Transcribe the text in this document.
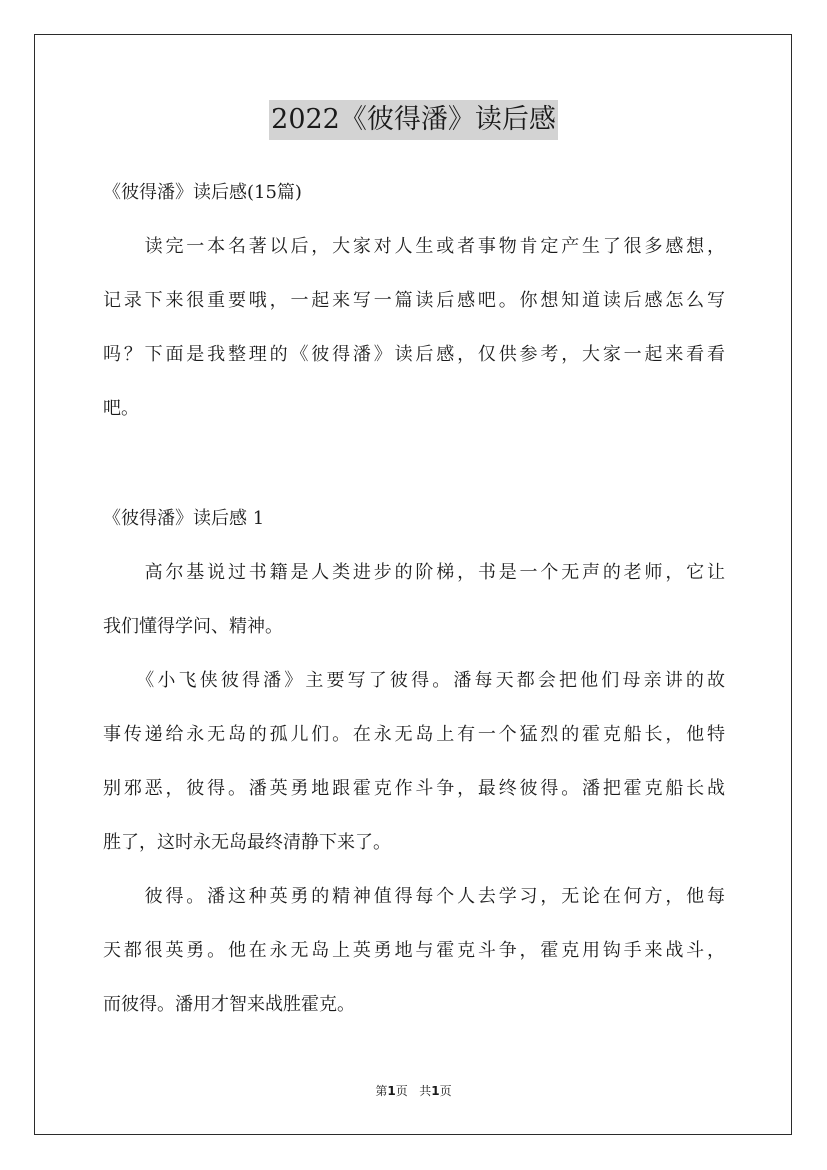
2022《彼得潘》读后感
《彼得潘》读后感(15篇)
　　读完一本名著以后，大家对人生或者事物肯定产生了很多感想，
记录下来很重要哦，一起来写一篇读后感吧。你想知道读后感怎么写
吗？下面是我整理的《彼得潘》读后感，仅供参考，大家一起来看看
吧。
《彼得潘》读后感 1
　　高尔基说过书籍是人类进步的阶梯，书是一个无声的老师，它让
我们懂得学问、精神。
　　《小飞侠彼得潘》主要写了彼得。潘每天都会把他们母亲讲的故
事传递给永无岛的孤儿们。在永无岛上有一个猛烈的霍克船长，他特
别邪恶，彼得。潘英勇地跟霍克作斗争，最终彼得。潘把霍克船长战
胜了，这时永无岛最终清静下来了。
　　彼得。潘这种英勇的精神值得每个人去学习，无论在何方，他每
天都很英勇。他在永无岛上英勇地与霍克斗争，霍克用钩手来战斗，
而彼得。潘用才智来战胜霍克。
第1页 共1页
